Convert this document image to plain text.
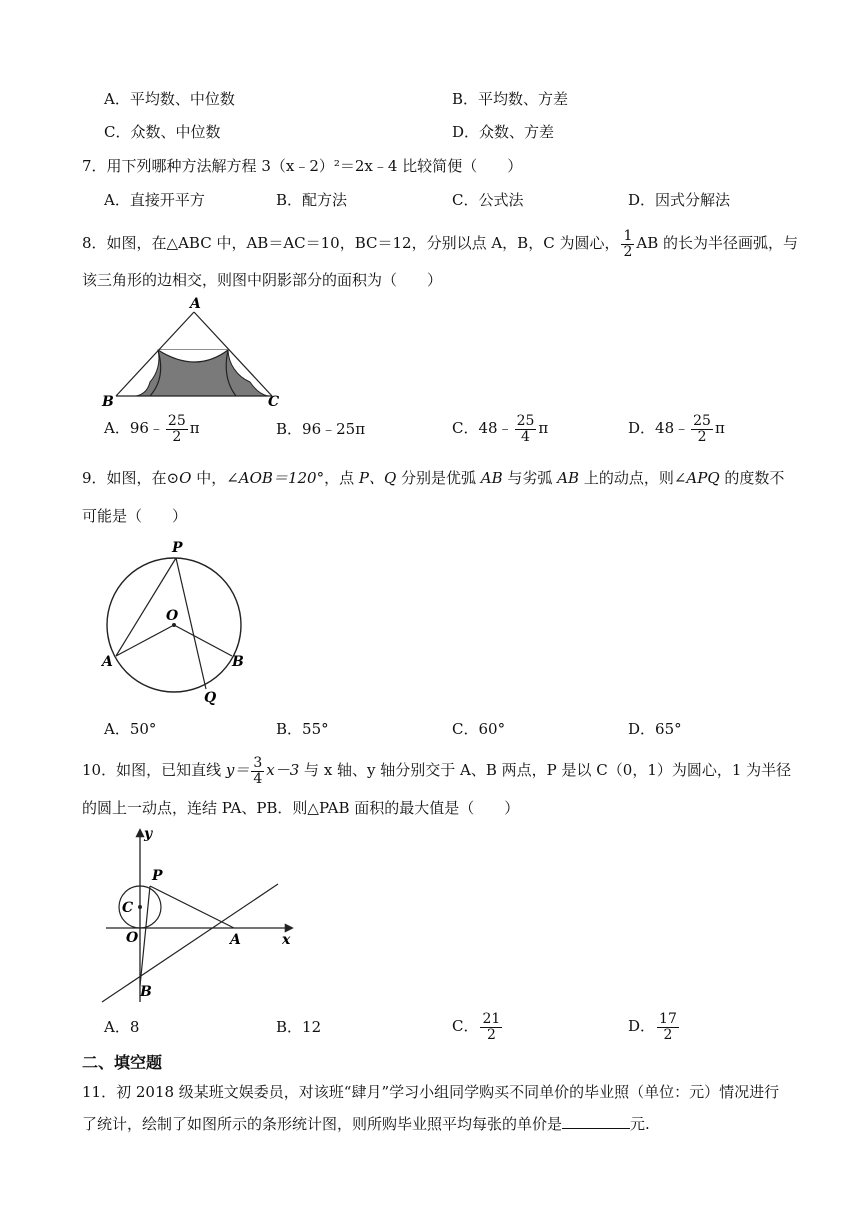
A．平均数、中位数	B．平均数、方差
C．众数、中位数	D．众数、方差
7．用下列哪种方法解方程 3（x﹣2）²＝2x﹣4 比较简便（　　）
A．直接开平方	B．配方法	C．公式法	D．因式分解法
8．如图，在△ABC 中，AB＝AC＝10，BC＝12，分别以点 A，B，C 为圆心， $\frac{1}{2}$ AB 的长为半径画弧，与
该三角形的边相交，则图中阴影部分的面积为（　　）
A
B	C
A．96﹣ $\frac{25}{2}$ π	B．96﹣25π	C．48﹣ $\frac{25}{4}$ π	D．48﹣ $\frac{25}{2}$ π
9．如图，在⊙O 中，∠AOB＝120°，点 P、Q 分别是优弧 AB 与劣弧 AB 上的动点，则∠APQ 的度数不
可能是（　　）
P
O
A	B
Q
A．50°	B．55°	C．60°	D．65°
10．如图，已知直线 $y= \frac{3}{4} x-3$ 与 x 轴、y 轴分别交于 A、B 两点，P 是以 C（0，1）为圆心，1 为半径
的圆上一动点，连结 PA、PB．则△PAB 面积的最大值是（　　）
y
x
P
C
O	A
B
A．8	B．12	C． $\frac{21}{2}$	D． $\frac{17}{2}$
二、填空题
11．初 2018 级某班文娱委员，对该班“肆月”学习小组同学购买不同单价的毕业照（单位：元）情况进行
了统计，绘制了如图所示的条形统计图，则所购毕业照平均每张的单价是	元.
